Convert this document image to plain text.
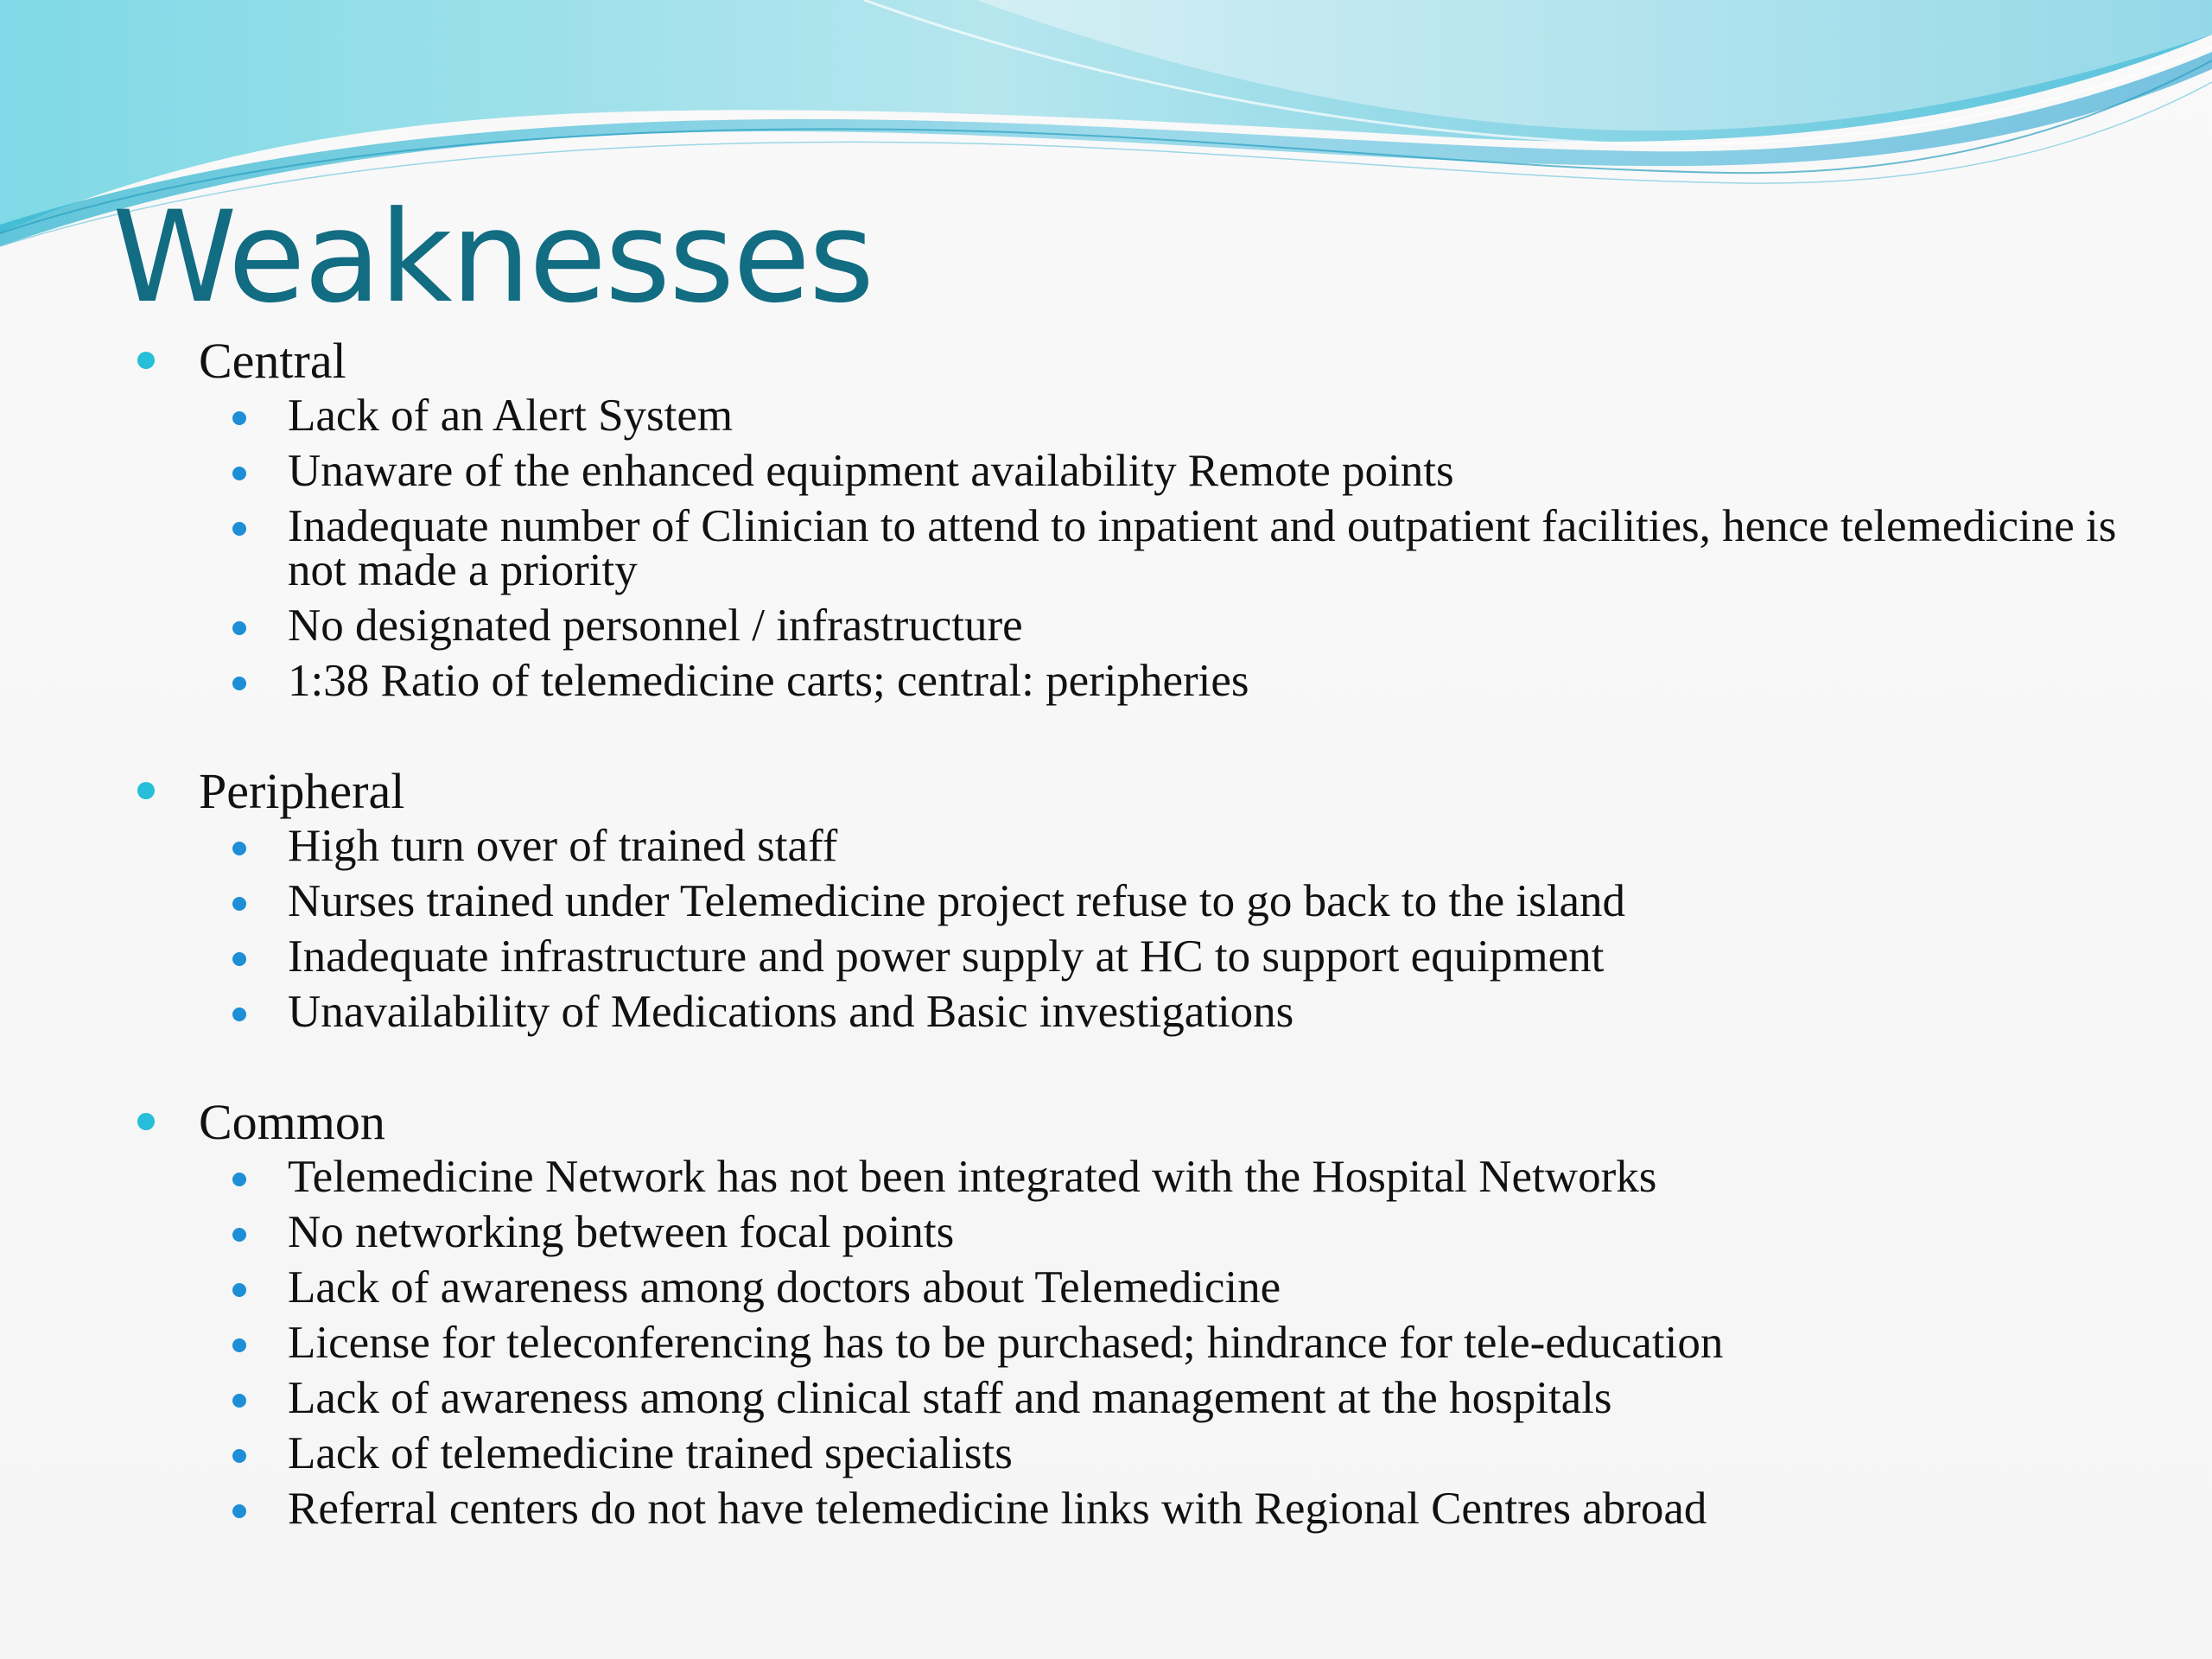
Weaknesses
Central
Lack of an Alert System
Unaware of the enhanced equipment availability Remote points
Inadequate number of Clinician to attend to inpatient and outpatient facilities, hence telemedicine is not made a priority
No designated personnel / infrastructure
1:38 Ratio of telemedicine carts; central: peripheries
Peripheral
High turn over of trained staff
Nurses trained under Telemedicine project refuse to go back to the island
Inadequate infrastructure and power supply at HC to support equipment
Unavailability of Medications and Basic investigations
Common
Telemedicine Network has not been integrated with the Hospital Networks
No networking between focal points
Lack of awareness among doctors about Telemedicine
License for teleconferencing has to be purchased; hindrance for tele-education
Lack of awareness among clinical staff and management at the hospitals
Lack of telemedicine trained specialists
Referral centers do not have telemedicine links with Regional Centres abroad
